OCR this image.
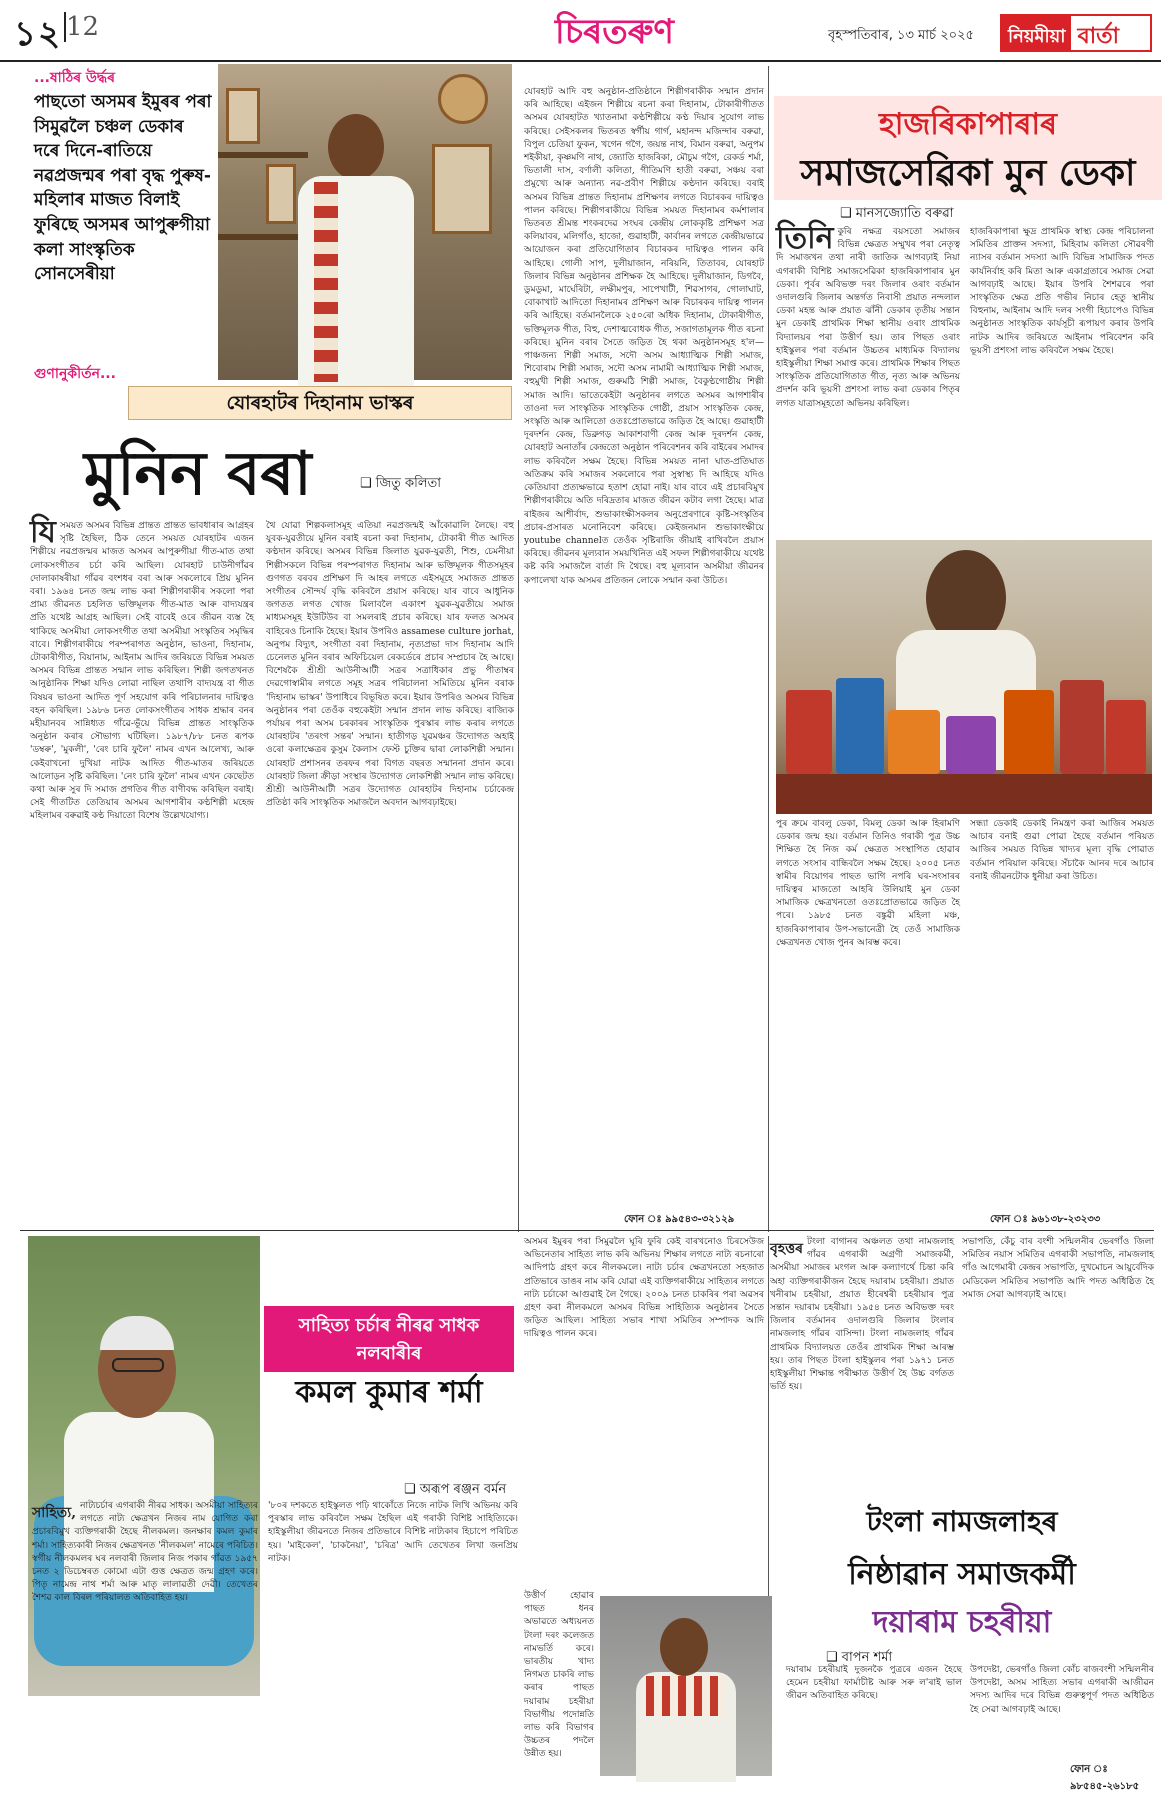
১২ 12	চিৰতৰুণ	বৃহস্পতিবাৰ, ১৩ মাৰ্চ ২০২৫	নিয়মীয়া বাৰ্তা
...ষাঠিৰ উৰ্দ্ধৰ
পাছতো অসমৰ ইমুৰৰ পৰা সিমুৱলৈ চঞ্চল ডেকাৰ দৰে দিনে-ৰাতিয়ে নৱপ্ৰজন্মৰ পৰা বৃদ্ধ পুৰুষ-মহিলাৰ মাজত বিলাই ফুৰিছে অসমৰ আপুৰুগীয়া কলা সাংস্কৃতিক সোনসেৰীয়া
গুণানুকীৰ্তন...
যোৰহাটৰ দিহানাম ভাস্কৰ
মুনিন বৰা	❑ জিতু কলিতা
যিসময়ত অসমৰ বিভিন্ন প্ৰান্তত প্ৰান্তত ভাবধাৰাৰ আগ্ৰহৰ সৃষ্টি হৈছিল, ঠিক তেনে সময়ত যোৰহাটৰ এজন শিল্পীয়ে নৱপ্ৰজন্মৰ মাজত অসমৰ আপুৰুগীয়া গীত-মাত তথা লোকসংগীতৰ চৰ্চা কৰি আছিল। যোৰহাট চাউনীগাঁৱৰ দোলাকাষৰীয়া গাঁৱৰ বংশধৰ বৰা আৰু সকলোৰে প্ৰিয় মুনিন বৰা। ১৯৬৪ চনত জন্ম লাভ কৰা শিল্পীগৰাকীৰ সকলো পৰা প্ৰাম্য জীৱনত চহলিত ভক্তিমূলক গীত-মাত আৰু বাদ্যযন্ত্ৰৰ প্ৰতি যথেষ্ট আগ্ৰহ আছিল। সেই বাবেই ওৰে জীৱন ব্যস্ত হৈ থাকিছে অসমীয়া লোকসংগীত তথা অসমীয়া সংস্কৃতিৰ সমৃদ্ধিৰ বাবে। শিল্পীগৰাকীয়ে পৰম্পৰাগত অনুষ্ঠান, ভাওনা, দিহানাম, টোকাৰীগীত, বিয়ানাম, আইনাম আদিৰ জৰিয়তে বিভিন্ন সময়ত অসমৰ বিভিন্ন প্ৰান্তত সন্মান লাভ কৰিছিল। শিল্পী জগতখনত আনুষ্ঠানিক শিক্ষা যদিও লোৱা নাছিল তথাপি বাদ্যযন্ত্ৰ বা গীত বিষয়ৰ ভাওনা আদিত পূৰ্ণ সহযোগ কৰি পৰিচালনাৰ দায়িত্বও বহন কৰিছিল। ১৯৮৬ চনত লোকসংগীতৰ সাধক শ্ৰদ্ধাৰ বনৰ মহীয়ানবৰ সান্নিধ্যত গাঁৱে-ভূঁয়ে বিভিন্ন প্ৰান্তত সাংস্কৃতিক অনুষ্ঠান কৰাৰ সৌভাগ্য ঘটিছিল। ১৯৮৭/৮৮ চনত ৰূপক 'ডম্বৰু', 'মুকলী', 'ৰেং চাৰি ফুলৈ' নামৰ এখন আলেখ্য, আৰু কেইবাখনো দুখিয়া নাটক আদিত গীত-মাতৰ জৰিয়তে আলোড়ন সৃষ্টি কৰিছিল। 'নেং চাৰি ফুলৈ' নামৰ এখন কেছেটত কথা আৰু সুৰ দি সমাজ প্ৰগতিৰ গীত বাণীবদ্ধ কৰিছিল বৰাই। সেই গীতটিত তেতিয়াৰ অসমৰ আগশাৰীৰ কণ্ঠশিল্পী মহেন্দ্ৰ মহিলামৰ বৰুৱাই কণ্ঠ দিয়াতো বিশেষ উল্লেখযোগ্য।
থৈ যোৱা শিল্পকলাসমূহ এতিয়া নৱপ্ৰজন্মই আঁকোৱালি লৈছে। বহু যুবক-যুৱতীয়ে মুনিন বৰাই ৰচনা কৰা দিহানাম, টোকাৰী গীত আদিত কণ্ঠদান কৰিছে। অসমৰ বিভিন্ন জিলাত যুৱক-যুৱতী, শিশু, চেমনীয়া শিল্পীসকলে বিভিন্ন পৰম্পৰাগত দিহানাম আৰু ভক্তিমূলক গীতসমূহৰ গুণগত বৰবৰ প্ৰশিক্ষণ দি আহৰ লগতে এইসমূহে সমাজত প্ৰান্তত সংগীতৰ সৌন্দৰ্য বৃদ্ধি কৰিবলৈ প্ৰয়াস কৰিছে। যাৰ বাবে আধুনিক জগতত লগত খোজ মিলাবলৈ একাংশ যুৱক-যুৱতীয়ে সমাজ মাধ্যমসমূহ ইউটিউব বা সমলৰাই প্ৰচাৰ কৰিছে। যাৰ ফলত অসমৰ বাহিৰেও চিনাকি হৈছে। ইয়াৰ উপৰিও assamese culture jorhat, অনুপম বিদ্যুৎ, সংগীতা বৰা দিহানাম, নৃত্যপ্ৰভা দাস দিহানাম আদি চেনেলত মুনিন বৰাৰ অফিচিয়েল ৰেকৰ্ডেৰে প্ৰচাৰ সম্প্ৰচাৰ হৈ আছে। বিশেষকৈ শ্ৰীশ্ৰী আউনীআটী সত্ৰৰ সত্ৰাধিকাৰ প্ৰভু পীতাম্বৰ দেৱগোস্বামীৰ লগতে সমূহ সত্ৰৰ পৰিচালনা সমিতিয়ে মুনিন বৰাক 'দিহানাম ভাস্কৰ' উপাধিৰে বিভূষিত কৰে। ইয়াৰ উপৰিও অসমৰ বিভিন্ন অনুষ্ঠানৰ পৰা তেওঁক বহুকেইটা সন্মান প্ৰদান লাভ কৰিছে। ৰাজ্যিক পৰ্যায়ৰ পৰা অসম চৰকাৰৰ সাংস্কৃতিক পুৰস্কাৰ লাভ কৰাৰ লগতে যোৰহাটৰ 'তৰংগ সন্তৰ' সন্মান। হাতীগড় যুৱমঞ্চৰ উদ্যোগত অহাই ওৰো কলাক্ষেত্ৰৰ কুসুম কৈলাস ফেস্ট চুক্তিৰ দ্বাৰা লোকশিল্পী সন্মান। যোৰহাট প্ৰশাসনৰ তৰফৰ পৰা বিগত বছৰত সন্মাননা প্ৰদান কৰে। যোৰহাট জিলা ক্ৰীড়া সংস্থাৰ উদ্যোগত লোকশিল্পী সন্মান লাভ কৰিছে। শ্ৰীশ্ৰী আউনীআটী সত্ৰৰ উদ্যোগত যোৰহাটৰ দিহানাম চৰ্চাকেন্দ্ৰ প্ৰতিষ্ঠা কৰি সাংস্কৃতিক সমাজলৈ অবদান আগবঢ়াইছে।
যোৰহাট আদি বহু অনুষ্ঠান-প্ৰতিষ্ঠানে শিল্পীগৰাকীক সন্মান প্ৰদান কৰি আহিছে। এইজন শিল্পীয়ে ৰচনা কৰা দিহানাম, টোকাৰীগীতত অসমৰ যোৰহাটত খ্যাতনামা কণ্ঠশিল্পীয়ে কণ্ঠ দিয়াৰ সুযোগ লাভ কৰিছে। সেইসকলৰ ভিতৰত স্বৰ্গীয় গাৰ্গ, মহানন্দ মজিন্দাৰ বৰুৱা, বিপুল চেতিয়া ফুকন, খগেন গগৈ, জয়ন্ত নাথ, বিমান বৰুৱা, অনুপম শইকীয়া, কৃষ্ণমণি নাথ, জ্যোতি হাজৰিকা, মৌচুম গগৈ, রেকৰ্ড শৰ্মা, ভিতালী দাস, বৰ্ণালী কলিতা, গীতিমণি হাতী বৰুৱা, সঞ্চয় বৰা প্ৰমুখ্যে আৰু অন্যান্য নৱ-প্ৰবীণ শিল্পীয়ে কণ্ঠদান কৰিছে। বৰাই অসমৰ বিভিন্ন প্ৰান্তত দিহানাম প্ৰশিক্ষণৰ লগতে বিচাৰকৰ দায়িত্বও পালন কৰিছে। শিল্পীগৰাকীয়ে বিভিন্ন সময়ত দিহানামৰ কৰ্মশালাৰ ভিতৰত শ্ৰীমন্ত শংকৰদেৱ সংঘৰ কেন্দ্ৰীয় লোককৃষ্টি প্ৰশিক্ষণ সত্ৰ কলিয়াবৰ, মলিগাঁও, হাজো, গুৱাহাটী, কাৰ্বানৰ লগতে কেন্দ্ৰীয়ভাৱে আয়োজন কৰা প্ৰতিযোগিতাৰ বিচাৰকৰ দায়িত্বও পালন কৰি আহিছে। গোলী সাপ, দুলীয়াজান, নৰিয়নি, তিতাবৰ, যোৰহাট জিলাৰ বিভিন্ন অনুষ্ঠানৰ প্ৰশিক্ষক হৈ আহিছে। দুলীয়াজান, ডিগবৈ, ডুমডুমা, মাৰ্ঘেৰিটা, লক্ষীমপুৰ, সাপেখাটী, শিৱসাগৰ, গোলাঘাট, বোকাখাট আদিতো দিহানামৰ প্ৰশিক্ষণ আৰু বিচাৰকৰ দায়িত্ব পালন কৰি আহিছে। বৰ্তমানলৈকে ২৫০ৰো অধিক দিহানাম, টোকাৰীগীত, ভক্তিমূলক গীত, বিহু, দেশাত্মবোধক গীত, সজাগতামূলক গীত ৰচনা কৰিছে। মুনিন বৰাৰ সৈতে জড়িত হৈ থকা অনুষ্ঠানসমূহ হ'ল— পাঞ্চজন্য শিল্পী সমাজ, সদৌ অসম আধ্যাত্মিক শিল্পী সমাজ, শিবোৰাম শিল্পী সমাজ, সদৌ অসম নামামী আধ্যাত্মিক শিল্পী সমাজ, বহুমুখী শিল্পী সমাজ, গুৰুমঠি শিল্পী সমাজ, বৈকুণ্ঠগোষ্ঠীয় শিল্পী সমাজ আদি। ভাতেকেইটা অনুষ্ঠানৰ লগতে অসমৰ আগশাৰীৰ তাওনা দল সাংস্কৃতিক সাংস্কৃতিক গোষ্ঠী, প্ৰয়াস সাংস্কৃতিক কেন্দ্ৰ, সংস্কৃতি আৰু আলিতো ওতঃপ্ৰোতভাৱে জড়িত হৈ আছে। গুৱাহাটী দূৰদৰ্শন কেন্দ্ৰ, ডিব্ৰুগড় আকাশবাণী কেন্দ্ৰ আৰু দূৰদৰ্শন কেন্দ্ৰ, যোৰহাট অনাতাঁৰ কেন্দ্ৰতো অনুষ্ঠান পৰিবেশনৰ কৰি বাইৰেৰ সমাদৰ লাভ কৰিবলৈ সক্ষম হৈছে। বিভিন্ন সময়ত নানা ঘাত-প্ৰতিঘাত অতিক্ৰম কৰি সমাজৰ সকলোৰে পৰা সুস্বাস্থ্য দি আহিছে যদিও কেতিয়াবা প্ৰত্যক্ষভাৱে হতাশ হোৱা নাই। যাৰ বাবে এই প্ৰচাৰবিমুখ শিল্পীগৰাকীয়ে অতি দৰিদ্ৰতাৰ মাজত জীৱন কটাব লগা হৈছে। মাত্ৰ ৰাইজৰ আশীৰ্বাদ, শুভাকাংক্ষীসকলৰ অনুপ্ৰেৰণাৰে কৃষ্টি-সংস্কৃতিৰ প্ৰচাৰ-প্ৰসাৰত মনোনিবেশ কৰিছে। কেইজনমান শুভাকাংক্ষীয়ে youtube channelত তেওঁক সৃষ্টিৰাজি জীয়াই ৰাখিবলৈ প্ৰয়াস কৰিছে। জীৱনৰ মূল্যবান সময়খিনিত এই সফল শিল্পীগৰাকীয়ে যথেষ্ট কষ্ট কৰি সমাজলৈ বাৰ্তা দি থৈছে। বহু মূল্যবান অসমীয়া জীৱনৰ কপালেখা যাক অসমৰ প্ৰতিজন লোকে সন্মান কৰা উচিত।
ফোন ঃ ৯৯৫৪৩-৩২১২৯
হাজৰিকাপাৰাৰ
সমাজসেৱিকা মুন ডেকা
❑ মানসজ্যোতি বৰুৱা
তিনি কুৰি নক্ষত্ৰ বয়সতো সমাজৰ বিভিন্ন ক্ষেত্ৰত সম্মুখৰ পৰা নেতৃত্ব দি সমাজখন তথা নাৰী জাতিক আগবঢ়াই নিয়া এগৰাকী বিশিষ্ট সমাজসেৱিকা হাজৰিকাপাৰাৰ মুন ডেকা। পূৰ্বৰ অবিভক্ত দৰং জিলাৰ ওৰাং বৰ্তমান ওদালগুৰি জিলাৰ অন্তৰ্গত নিবাসী প্ৰয়াত নন্দলাল ডেকা মহন্ত আৰু প্ৰয়াত ঝাঁনী ডেকাৰ তৃতীয় সন্তান মুন ডেকাই প্ৰাথমিক শিক্ষা স্থানীয় ওৰাং প্ৰাথমিক বিদ্যালয়ৰ পৰা উত্তীৰ্ণ হয়। তাৰ পিছত ওৰাং হাইস্কুলৰ পৰা বৰ্তমান উচ্চতৰ মাধ্যমিক বিদ্যালয় হাইস্কুলীয়া শিক্ষা সমাপ্ত কৰে। প্ৰাথমিক শিক্ষাৰ পিছত সাংস্কৃতিক প্ৰতিযোগিতাত গীত, নৃত্য আৰু অভিনয় প্ৰদৰ্শন কৰি ভূয়সী প্ৰশংসা লাভ কৰা ডেকাৰ পিতৃৰ লগত যাত্ৰাসমূহতো অভিনয় কৰিছিল।
হাজৰিকাপাৰা ক্ষুদ্ৰ প্ৰাথমিক স্বাস্থ্য কেন্দ্ৰ পৰিচালনা সমিতিৰ প্ৰাক্তন সদস্যা, মিহিবাম কলিতা সৌৱৰণী ন্যাসৰ বৰ্তমান সদস্যা আদি বিভিন্ন সামাজিক পদত কাৰ্যনিৰ্বাহ কৰি মিতা আৰু একাগ্ৰতাৰে সমাজ সেৱা আগবঢ়াই আছে। ইয়াৰ উপৰি শৈশৱৰে পৰা সাংস্কৃতিক ক্ষেত্ৰ প্ৰতি গভীৰ নিচাৰ হেতু স্থানীয় বিহুনাম, আইনাম আদি দলৰ সংগী হিচাপেও বিভিন্ন অনুষ্ঠানত সাংস্কৃতিক কাৰ্যসূচী ৰূপায়ণ কৰাৰ উপৰি নাটক আদিৰ জৰিয়তে আইনাম পৰিবেশন কৰি ভূয়সী প্ৰশংসা লাভ কৰিবলৈ সক্ষম হৈছে।
পুৰ ক্ৰমে বাবলু ডেকা, বিমলু ডেকা আৰু হিৰামণি ডেকাৰ জন্ম হয়। বৰ্তমান তিনিও গৰাকী পুত্ৰ উচ্চ শিক্ষিত হৈ নিজ কৰ্ম ক্ষেত্ৰত সংস্থাপিত হোৱাৰ লগতে সংসাৰ বান্ধিবলৈ সক্ষম হৈছে। ২০০৫ চনত স্বামীৰ বিয়োগৰ পাছত ভাগি নপৰি ঘৰ-সংসাৰৰ দায়িত্বৰ মাজতো আহৰি উলিয়াই মুন ডেকা সামাজিক ক্ষেত্ৰখনতো ওতঃপ্ৰোতভাৱে জড়িত হৈ পৰে। ১৯৮৫ চনত বঙ্কুৱী মহিলা মঞ্চ, হাজৰিকাপাৰাৰ উপ-সভানেত্ৰী হৈ তেওঁ সামাজিক ক্ষেত্ৰখনত খোজ পুনৰ আৰম্ভ কৰে।
সন্ধ্যা ডেকাই ডেকাই নিমন্ত্ৰণ কৰা আজিৰ সময়ত আচাৰ বনাই গুৱা পোৱা হৈছে বৰ্তমান পৰিয়ত আজিৰ সময়ত বিভিন্ন খাদ্যৰ মূল্য বৃদ্ধি পোৱাত বৰ্তমান পৰিয়াল কৰিছে। সঁচাকৈ আনৰ দৰে আচাৰ বনাই জীৱনটোক ধুনীয়া কৰা উচিত।
ফোন ঃ ৯৬১৩৮-২৩২৩৩
সাহিত্য চৰ্চাৰ নীৰৱ সাধক নলবাৰীৰ
কমল কুমাৰ শৰ্মা
❑ অৰূপ ৰঞ্জন বৰ্মন
সাহিত্য, নাট্যচৰ্চাৰ এগৰাকী নীৰৱ সাধক। অসমীয়া সাহিত্যৰ লগতে নাট্য ক্ষেত্ৰখন নিজৰ নাম যোগিত কৰা প্ৰচাৰবিমুখ ব্যক্তিগৰাকী হৈছে নীলকমল। জনক্ষাৰ কমল কুমাৰ শৰ্মা। সাহিত্যকাৰী নিজৰ ক্ষেত্ৰখনত 'নীলকমল' নামেৰে পৰিচিত। স্বৰ্গীয় নীলকমলৰ ঘৰ নলবাৰী জিলাৰ নিজ পকাৰ গাঁৱত ১৯৫৭ চনত ২ ডিচেম্বৰত কোমো এটা গুত্ত ক্ষেত্ৰত জন্ম গ্ৰহণ কৰে। পিতৃ নামেন্দ্ৰ নাথ শৰ্মা আৰু মাতৃ লালাৱতী দেৱী। তেখেতৰ শৈশৱ কাল বিৰল পৰিয়ালত অতিবাহিত হয়।
'৮০ৰ দশকতে হাইস্কুলত পঢ়ি থাকোঁতে নিজে নাটক লিখি অভিনয় কৰি পুৰস্কাৰ লাভ কৰিবলৈ সক্ষম হৈছিল এই গৰাকী বিশিষ্ট সাহিত্যিকে। হাইস্কুলীয়া জীৱনতে নিজৰ প্ৰতিভাৰে বিশিষ্ট নাট্যকাৰ হিচাপে পৰিচিত হয়। 'মাইকেল', 'চাকনৈয়া', 'চৰিত্ৰ' আদি তেখেতৰ লিখা জনপ্ৰিয় নাটক।
অসমৰ ইমুৰৰ পৰা সিমুৱলৈ ঘূৰি ফুৰি কেই বাৰখনোও চিৰসেউজ অভিনেতাৰ সাহিত্য লাভ কৰি অভিনয় শিক্ষাৰ লগতে নাট্য ৰচনাৰো আদিপাঠ গ্ৰহণ কৰে নীলকমলে। নাট্য চৰ্চাৰ ক্ষেত্ৰখনতো সহজাত প্ৰতিভাৰে ডাঙৰ নাম কৰি যোৱা এই ব্যক্তিগৰাকীয়ে সাহিত্যৰ লগতে নাট্য চৰ্চাকো আগুৱাই লৈ গৈছে। ২০০৯ চনত চাকৰিৰ পৰা অৱসৰ গ্ৰহণ কৰা নীলকমলে অসমৰ বিভিন্ন সাহিত্যিক অনুষ্ঠানৰ সৈতে জড়িত আছিল। সাহিত্য সভাৰ শাখা সমিতিৰ সম্পাদক আদি দায়িত্বও পালন কৰে।
বৃহত্তৰ টংলা বাগানৰ অঞ্চলত তথা নামজলাহ গাঁৱৰ এগৰাকী অগ্ৰণী সমাজকৰ্মী, অসমীয়া সমাজৰ মংগল আৰু কল্যাণৰ্থে চিন্তা কৰি অহা ব্যক্তিগৰাকীজন হৈছে দয়াৰাম চহৰীয়া। প্ৰয়াত খনীৰাম চহৰীয়া, প্ৰয়াত হীৰেশ্বৰী চহৰীয়াৰ পুত্ৰ সন্তান দয়াৰাম চহৰীয়া। ১৯৫৪ চনত অবিভক্ত দৰং জিলাৰ বৰ্তমানৰ ওদালগুৰি জিলাৰ টংলাৰ নামজলাহ গাঁৱৰ বাসিন্দা। টংলা নামজলাহ গাঁৱৰ প্ৰাথমিক বিদ্যালয়ত তেওঁৰ প্ৰাথমিক শিক্ষা আৰম্ভ হয়। তাৰ পিছত টংলা হাইস্কুলৰ পৰা ১৯৭১ চনত হাইস্কুলীয়া শিক্ষান্ত পৰীক্ষাত উত্তীৰ্ণ হৈ উচ্চ বৰ্গতত ভৰ্তি হয়।
সভাপতি, কেঁচু বাৰ বংশী সন্মিলনীৰ ভেৰগাঁও জিলা সমিতিৰ নয়াস সমিতিৰ এগৰাকী সভাপতি, নামজলাহ গাঁও আগেমাৰী কেন্দ্ৰৰ সভাপতি, দুখমোচন আয়ুৰ্বেদিক মেডিকেল সমিতিৰ সভাপতি আদি পদত অধিষ্ঠিত হৈ সমাজ সেৱা আগবঢ়াই আছে।
টংলা নামজলাহৰ
নিষ্ঠাৱান সমাজকৰ্মী
দয়াৰাম চহৰীয়া
❑ বাপন শৰ্মা
দয়াৰাম চহৰীয়াই দুজনকৈ পুত্ৰৰে এজন হৈছে হেমেন চহৰীয়া ফাৰ্মাচীষ্ট আৰু সৰু ল'ৰাই ভাল জীৱন অতিবাহিত কৰিছে।
উপদেষ্টা, ভেৰগাঁও জিলা কোঁচ ৰাজবংশী সন্মিলনীৰ উপদেষ্টা, অসম সাহিত্য সভাৰ এগৰাকী আজীৱন সদস্য আদিৰ দৰে বিভিন্ন গুৰুত্বপূৰ্ণ পদত অধিষ্ঠিত হৈ সেৱা আগবঢ়াই আছে।
ফোন ঃ ৯৮৫৪৫-২৬১৮৫
উত্তীৰ্ণ হোৱাৰ পাছত ধনৰ অভাৱতে অধ্যয়নত টংলা দৰং কলেজত নামভৰ্তি কৰে। ভাৰতীয় খাদ্য নিগমত চাকৰি লাভ কৰাৰ পাছত দয়াৰাম চহৰীয়া বিভাগীয় পদোন্নতি লাভ কৰি বিভাগৰ উচ্চতৰ পদলৈ উন্নীত হয়।
